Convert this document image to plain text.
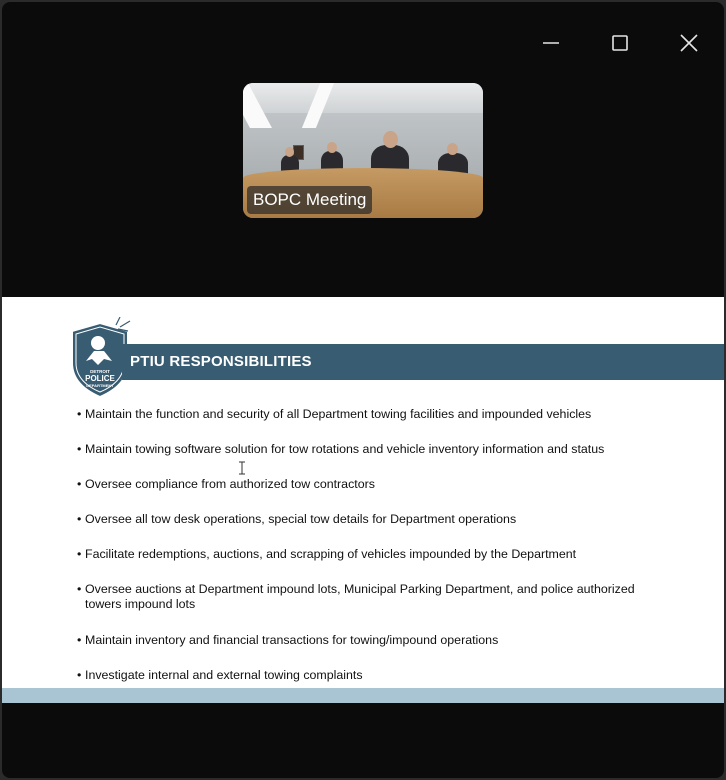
BOPC Meeting
DETROIT
POLICE
DEPARTMENT
PTIU RESPONSIBILITIES
• Maintain the function and security of all Department towing facilities and impounded vehicles
• Maintain towing software solution for tow rotations and vehicle inventory information and status
• Oversee compliance from authorized tow contractors
• Oversee all tow desk operations, special tow details for Department operations
• Facilitate redemptions, auctions, and scrapping of vehicles impounded by the Department
• Oversee auctions at Department impound lots, Municipal Parking Department, and police authorized towers impound lots
• Maintain inventory and financial transactions for towing/impound operations
• Investigate internal and external towing complaints
